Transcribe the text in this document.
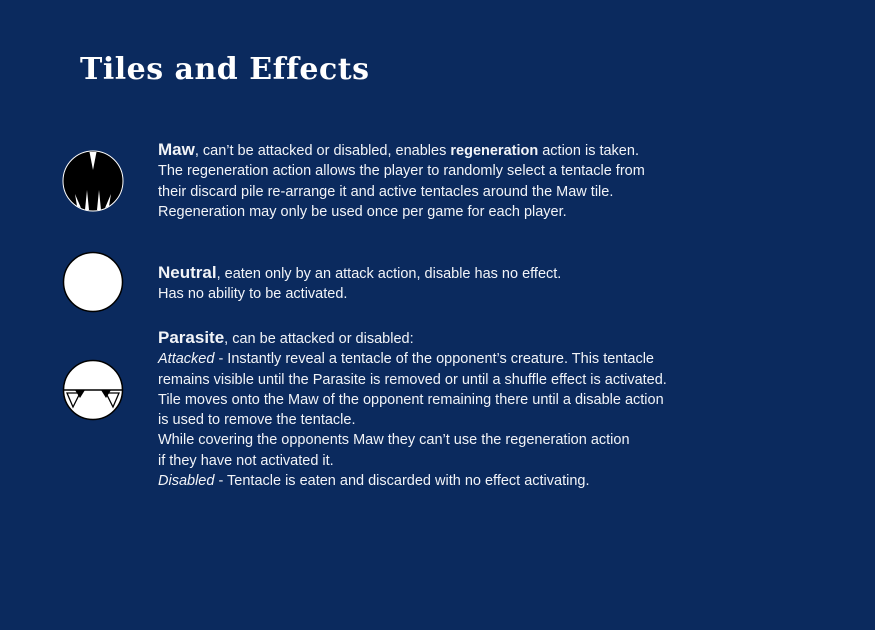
Tiles and Effects
Maw, can’t be attacked or disabled, enables regeneration action is taken.
The regeneration action allows the player to randomly select a tentacle from
their discard pile re-arrange it and active tentacles around the Maw tile.
Regeneration may only be used once per game for each player.
Neutral, eaten only by an attack action, disable has no effect.
Has no ability to be activated.
Parasite, can be attacked or disabled:
Attacked - Instantly reveal a tentacle of the opponent’s creature. This tentacle
remains visible until the Parasite is removed or until a shuffle effect is activated.
Tile moves onto the Maw of the opponent remaining there until a disable action
is used to remove the tentacle.
While covering the opponents Maw they can’t use the regeneration action
if they have not activated it.
Disabled - Tentacle is eaten and discarded with no effect activating.
